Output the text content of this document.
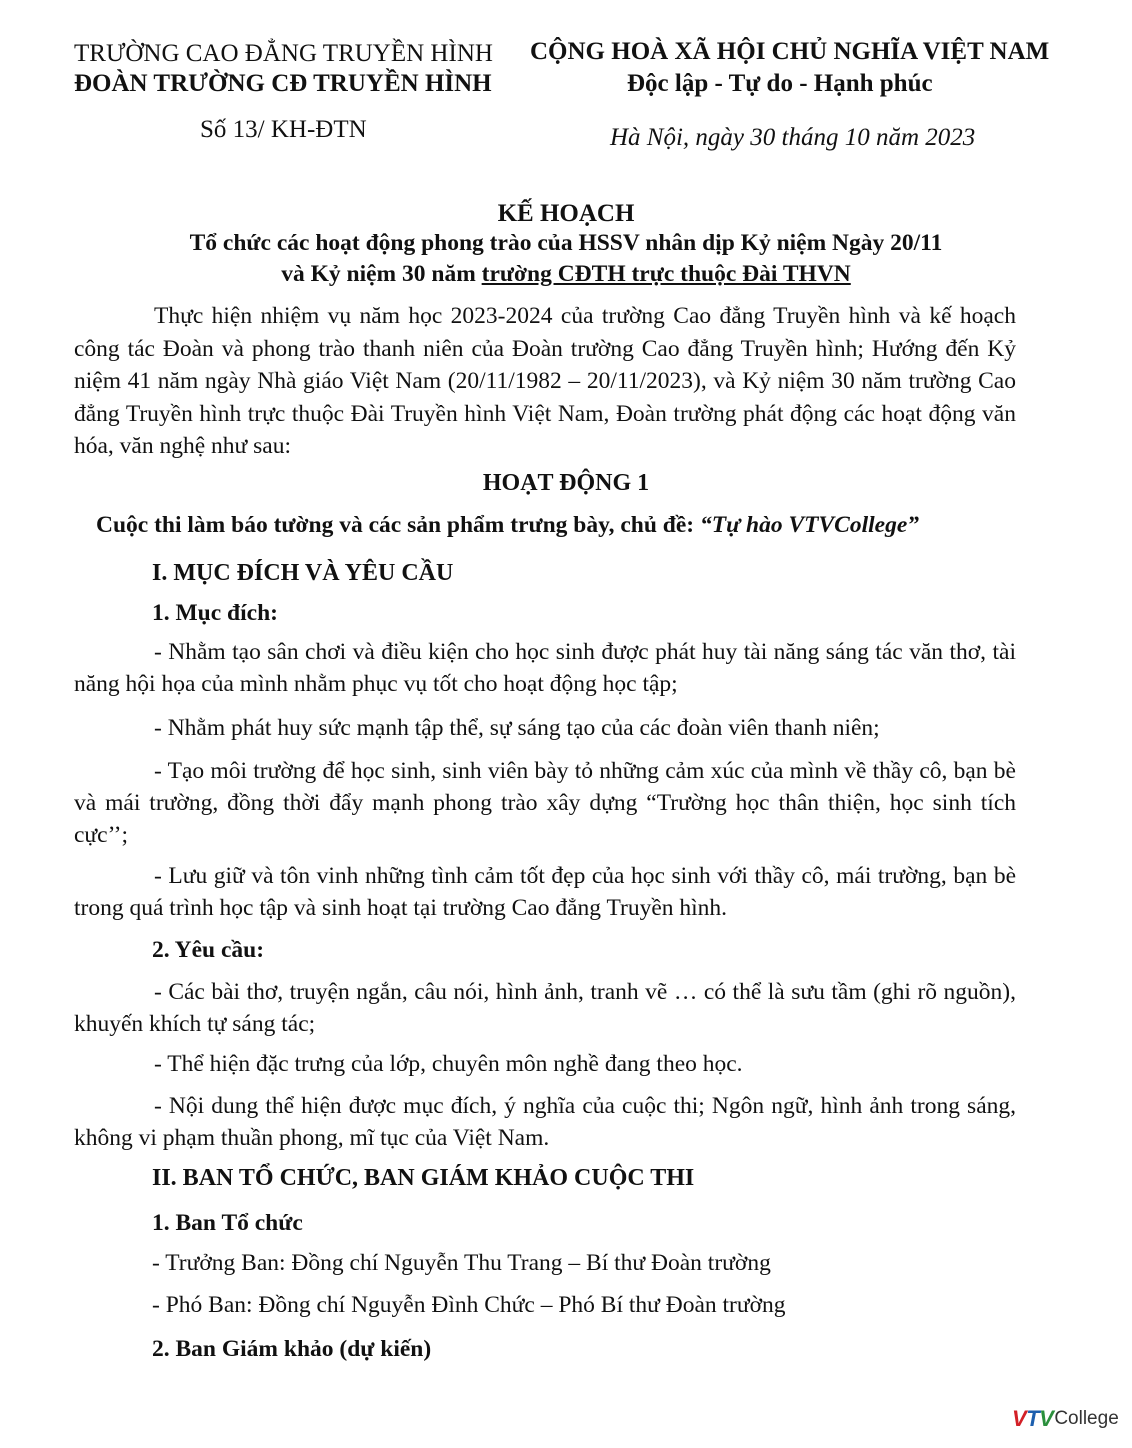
TRƯỜNG CAO ĐẲNG TRUYỀN HÌNH
ĐOÀN TRƯỜNG CĐ TRUYỀN HÌNH
Số 13/ KH-ĐTN
CỘNG HOÀ XÃ HỘI CHỦ NGHĨA VIỆT NAM
Độc lập - Tự do - Hạnh phúc
Hà Nội, ngày 30 tháng 10 năm 2023
KẾ HOẠCH
Tổ chức các hoạt động phong trào của HSSV nhân dịp Kỷ niệm Ngày 20/11
và Kỷ niệm 30 năm trường CĐTH trực thuộc Đài THVN

Thực hiện nhiệm vụ năm học 2023-2024 của trường Cao đẳng Truyền hình và kế hoạch công tác Đoàn và phong trào thanh niên của Đoàn trường Cao đẳng Truyền hình; Hướng đến Kỷ niệm 41 năm ngày Nhà giáo Việt Nam (20/11/1982 – 20/11/2023), và Kỷ niệm 30 năm trường Cao đẳng Truyền hình trực thuộc Đài Truyền hình Việt Nam, Đoàn trường phát động các hoạt động văn hóa, văn nghệ như sau:

HOẠT ĐỘNG 1
Cuộc thi làm báo tường và các sản phẩm trưng bày, chủ đề: “Tự hào VTVCollege”
I. MỤC ĐÍCH VÀ YÊU CẦU
1. Mục đích:

- Nhằm tạo sân chơi và điều kiện cho học sinh được phát huy tài năng sáng tác văn thơ, tài năng hội họa của mình nhằm phục vụ tốt cho hoạt động học tập;

- Nhằm phát huy sức mạnh tập thể, sự sáng tạo của các đoàn viên thanh niên;

- Tạo môi trường để học sinh, sinh viên bày tỏ những cảm xúc của mình về thầy cô, bạn bè và mái trường, đồng thời đẩy mạnh phong trào xây dựng “Trường học thân thiện, học sinh tích cực’’;

- Lưu giữ và tôn vinh những tình cảm tốt đẹp của học sinh với thầy cô, mái trường, bạn bè trong quá trình học tập và sinh hoạt tại trường Cao đẳng Truyền hình.

2. Yêu cầu:

- Các bài thơ, truyện ngắn, câu nói, hình ảnh, tranh vẽ … có thể là sưu tầm (ghi rõ nguồn), khuyến khích tự sáng tác;

- Thể hiện đặc trưng của lớp, chuyên môn nghề đang theo học.

- Nội dung thể hiện được mục đích, ý nghĩa của cuộc thi; Ngôn ngữ, hình ảnh trong sáng, không vi phạm thuần phong, mĩ tục của Việt Nam.

II. BAN TỔ CHỨC, BAN GIÁM KHẢO CUỘC THI
1. Ban Tổ chức
- Trưởng Ban: Đồng chí Nguyễn Thu Trang – Bí thư Đoàn trường
- Phó Ban: Đồng chí Nguyễn Đình Chức – Phó Bí thư Đoàn trường
2. Ban Giám khảo (dự kiến)
VTV College
